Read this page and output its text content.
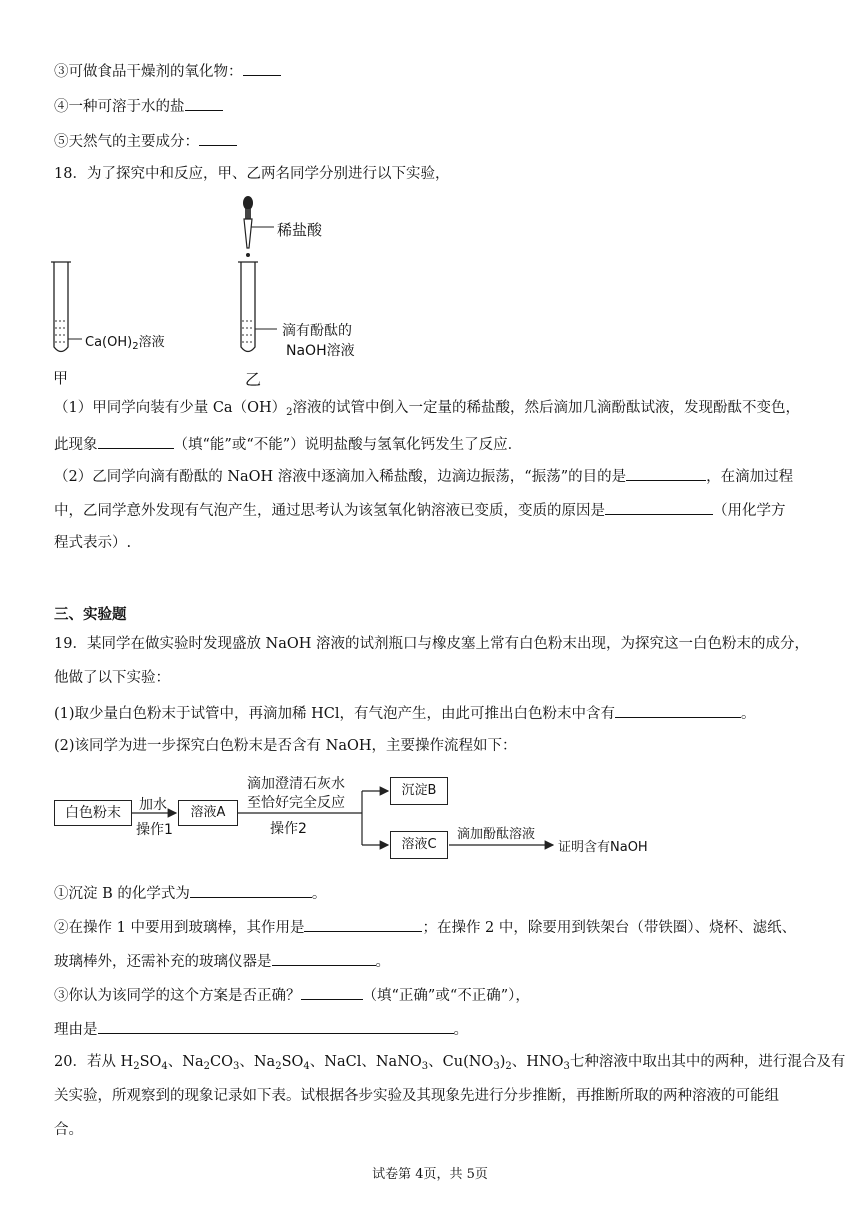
③可做食品干燥剂的氧化物：
④一种可溶于水的盐
⑤天然气的主要成分：
18．为了探究中和反应，甲、乙两名同学分别进行以下实验，
稀盐酸
$Ca(OH)_2$溶液
滴有酚酞的
NaOH溶液
甲	乙
（1）甲同学向装有少量 $Ca(OH)_2$溶液的试管中倒入一定量的稀盐酸，然后滴加几滴酚酞试液，发现酚酞不变色，
此现象	（填“能”或“不能”）说明盐酸与氢氧化钙发生了反应．
（2）乙同学向滴有酚酞的 NaOH 溶液中逐滴加入稀盐酸，边滴边振荡，“振荡”的目的是	，在滴加过程
中，乙同学意外发现有气泡产生，通过思考认为该氢氧化钠溶液已变质，变质的原因是	（用化学方
程式表示）.
三、实验题
19．某同学在做实验时发现盛放 NaOH 溶液的试剂瓶口与橡皮塞上常有白色粉末出现，为探究这一白色粉末的成分，
他做了以下实验：
(1)取少量白色粉末于试管中，再滴加稀 HCl，有气泡产生，由此可推出白色粉末中含有	。
(2)该同学为进一步探究白色粉末是否含有 NaOH，主要操作流程如下：
白色粉末	加水
操作1
溶液A
滴加澄清石灰水
至恰好完全反应
操作2
沉淀B
溶液C
滴加酚酞溶液
证明含有NaOH
①沉淀 B 的化学式为	。
②在操作 1 中要用到玻璃棒，其作用是	；在操作 2 中，除要用到铁架台（带铁圈）、烧杯、滤纸、
玻璃棒外，还需补充的玻璃仪器是	。
③你认为该同学的这个方案是否正确？	（填“正确”或“不正确”），
理由是	。
20．若从 $H_2SO_4$、$Na_2CO_3$、$Na_2SO_4$、NaCl、NaNO$_3$、$Cu(NO_3)_2$、$HNO_3$七种溶液中取出其中的两种，进行混合及有
关实验，所观察到的现象记录如下表。试根据各步实验及其现象先进行分步推断，再推断所取的两种溶液的可能组
合。
试卷第 4页，共 5页
